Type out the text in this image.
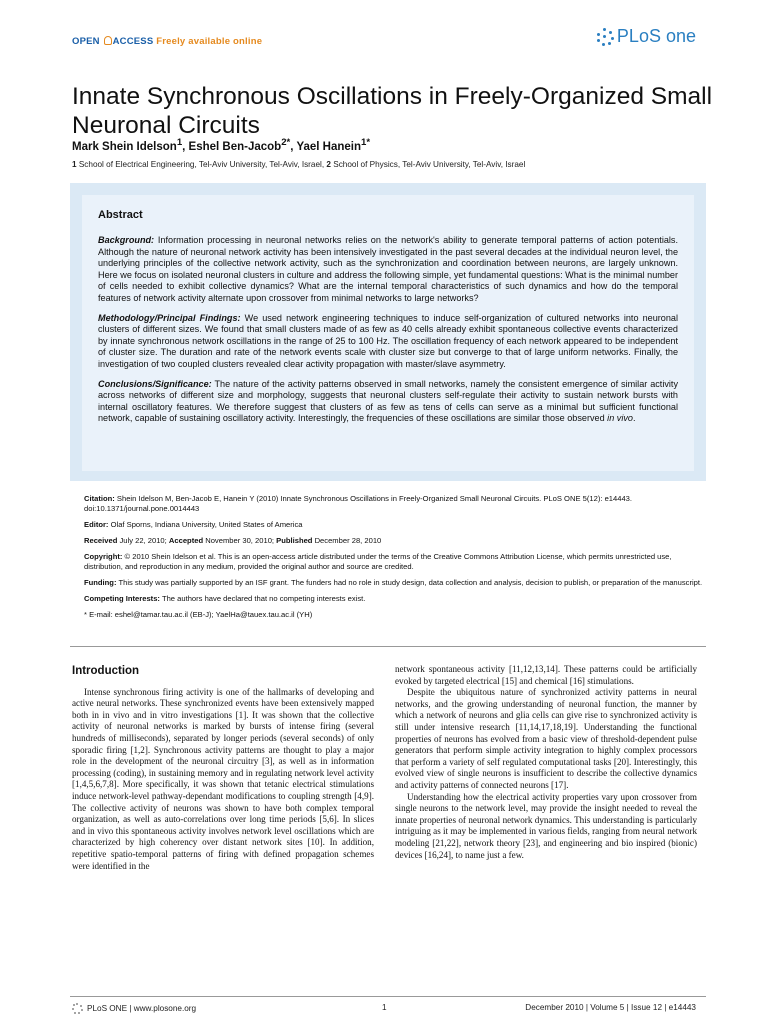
OPEN ACCESS Freely available online	PLoS one
Innate Synchronous Oscillations in Freely-Organized Small Neuronal Circuits
Mark Shein Idelson$^1$, Eshel Ben-Jacob$^{2*}$, Yael Hanein$^{1*}$
1 School of Electrical Engineering, Tel-Aviv University, Tel-Aviv, Israel, 2 School of Physics, Tel-Aviv University, Tel-Aviv, Israel
Abstract

Background: Information processing in neuronal networks relies on the network's ability to generate temporal patterns of action potentials. Although the nature of neuronal network activity has been intensively investigated in the past several decades at the individual neuron level, the underlying principles of the collective network activity, such as the synchronization and coordination between neurons, are largely unknown. Here we focus on isolated neuronal clusters in culture and address the following simple, yet fundamental questions: What is the minimal number of cells needed to exhibit collective dynamics? What are the internal temporal characteristics of such dynamics and how do the temporal features of network activity alternate upon crossover from minimal networks to large networks?

Methodology/Principal Findings: We used network engineering techniques to induce self-organization of cultured networks into neuronal clusters of different sizes. We found that small clusters made of as few as 40 cells already exhibit spontaneous collective events characterized by innate synchronous network oscillations in the range of 25 to 100 Hz. The oscillation frequency of each network appeared to be independent of cluster size. The duration and rate of the network events scale with cluster size but converge to that of large uniform networks. Finally, the investigation of two coupled clusters revealed clear activity propagation with master/slave asymmetry.

Conclusions/Significance: The nature of the activity patterns observed in small networks, namely the consistent emergence of similar activity across networks of different size and morphology, suggests that neuronal clusters self-regulate their activity to sustain network bursts with internal oscillatory features. We therefore suggest that clusters of as few as tens of cells can serve as a minimal but sufficient functional network, capable of sustaining oscillatory activity. Interestingly, the frequencies of these oscillations are similar those observed in vivo.

Citation: Shein Idelson M, Ben-Jacob E, Hanein Y (2010) Innate Synchronous Oscillations in Freely-Organized Small Neuronal Circuits. PLoS ONE 5(12): e14443. doi:10.1371/journal.pone.0014443

Editor: Olaf Sporns, Indiana University, United States of America

Received July 22, 2010; Accepted November 30, 2010; Published December 28, 2010

Copyright: © 2010 Shein Idelson et al. This is an open-access article distributed under the terms of the Creative Commons Attribution License, which permits unrestricted use, distribution, and reproduction in any medium, provided the original author and source are credited.

Funding: This study was partially supported by an ISF grant. The funders had no role in study design, data collection and analysis, decision to publish, or preparation of the manuscript.

Competing Interests: The authors have declared that no competing interests exist.

* E-mail: eshel@tamar.tau.ac.il (EB-J); YaelHa@tauex.tau.ac.il (YH)

Introduction

Intense synchronous firing activity is one of the hallmarks of developing and active neural networks. These synchronized events have been extensively mapped both in in vivo and in vitro investigations [1]. It was shown that the collective activity of neuronal networks is marked by bursts of intense firing (several hundreds of milliseconds), separated by longer periods (several seconds) of only sporadic firing [1,2]. Synchronous activity patterns are thought to play a major role in the development of the neuronal circuitry [3], as well as in information processing (coding), in sustaining memory and in regulating network level activity [1,4,5,6,7,8]. More specifically, it was shown that tetanic electrical stimulations induce network-level pathway-dependant modifications to coupling strength [4,9]. The collective activity of neurons was shown to have both complex temporal organization, as well as auto-correlations over long time periods [5,6]. In slices and in vivo this spontaneous activity involves network level oscillations which are characterized by high coherency over distant network sites [10]. In addition, repetitive spatio-temporal patterns of firing with defined propagation schemes were identified in the

network spontaneous activity [11,12,13,14]. These patterns could be artificially evoked by targeted electrical [15] and chemical [16] stimulations.

Despite the ubiquitous nature of synchronized activity patterns in neural networks, and the growing understanding of neuronal function, the manner by which a network of neurons and glia cells can give rise to synchronized activity is still under intensive research [11,14,17,18,19]. Understanding the functional properties of neurons has evolved from a basic view of threshold-dependent pulse generators that perform simple activity integration to highly complex processors that perform a variety of self regulated computational tasks [20]. Interestingly, this evolved view of single neurons is insufficient to describe the collective dynamics and activity patterns of connected neurons [17].

Understanding how the electrical activity properties vary upon crossover from single neurons to the network level, may provide the insight needed to reveal the innate properties of neuronal network dynamics. This understanding is particularly intriguing as it may be implemented in various fields, ranging from neural network modeling [21,22], network theory [23], and engineering and bio inspired (bionic) devices [16,24], to name just a few.

PLoS ONE | www.plosone.org	1	December 2010 | Volume 5 | Issue 12 | e14443
